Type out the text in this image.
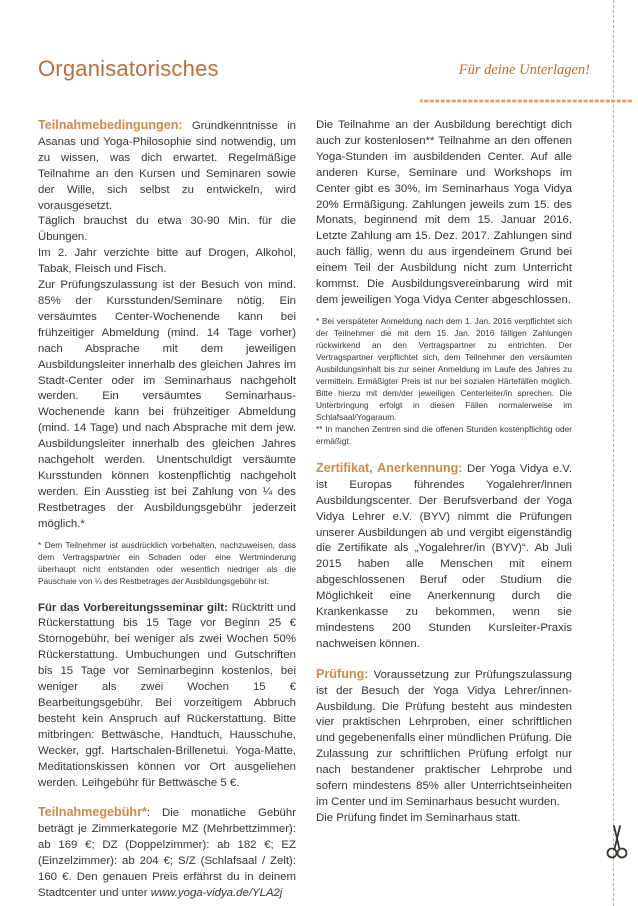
Organisatorisches	Für deine Unterlagen!

Teilnahmebedingungen: Grundkenntnisse in Asanas und Yoga-Philosophie sind notwendig, um zu wissen, was dich erwartet. Regelmäßige Teilnahme an den Kursen und Seminaren sowie der Wille, sich selbst zu entwickeln, wird vorausgesetzt.

Täglich brauchst du etwa 30-90 Min. für die Übungen.

Im 2. Jahr verzichte bitte auf Drogen, Alkohol, Tabak, Fleisch und Fisch.

Zur Prüfungszulassung ist der Besuch von mind. 85% der Kursstunden/Seminare nötig. Ein versäumtes Center-Wochenende kann bei frühzeitiger Abmeldung (mind. 14 Tage vorher) nach Absprache mit dem jeweiligen Ausbildungsleiter innerhalb des gleichen Jahres im Stadt-Center oder im Seminarhaus nachgeholt werden. Ein versäumtes Seminarhaus-Wochenende kann bei frühzeitiger Abmeldung (mind. 14 Tage) und nach Absprache mit dem jew. Ausbildungsleiter innerhalb des gleichen Jahres nachgeholt werden. Unentschuldigt versäumte Kursstunden können kostenpflichtig nachgeholt werden. Ein Ausstieg ist bei Zahlung von ¼ des Restbetrages der Ausbildungsgebühr jederzeit möglich.*

* Dem Teilnehmer ist ausdrücklich vorbehalten, nachzuweisen, dass dem Vertragspartner ein Schaden oder eine Wertminderung überhaupt nicht entstanden oder wesentlich niedriger als die Pauschale von ¼ des Restbetrages der Ausbildungsgebühr ist.

Für das Vorbereitungsseminar gilt: Rücktritt und Rückerstattung bis 15 Tage vor Beginn 25 € Stornogebühr, bei weniger als zwei Wochen 50% Rückerstattung. Umbuchungen und Gutschriften bis 15 Tage vor Seminarbeginn kostenlos, bei weniger als zwei Wochen 15 € Bearbeitungsgebühr. Bei vorzeitigem Abbruch besteht kein Anspruch auf Rückerstattung. Bitte mitbringen: Bettwäsche, Handtuch, Hausschuhe, Wecker, ggf. Hartschalen-Brillenetui. Yoga-Matte, Meditationskissen können vor Ort ausgeliehen werden. Leihgebühr für Bettwäsche 5 €.

Teilnahmegebühr*: Die monatliche Gebühr beträgt je Zimmerkategorie MZ (Mehrbettzimmer): ab 169 €; DZ (Doppelzimmer): ab 182 €; EZ (Einzelzimmer): ab 204 €; S/Z (Schlafsaal / Zelt): 160 €. Den genauen Preis erfährst du in deinem Stadtcenter und unter www.yoga-vidya.de/YLA2j

Die Teilnahme an der Ausbildung berechtigt dich auch zur kostenlosen** Teilnahme an den offenen Yoga-Stunden im ausbildenden Center. Auf alle anderen Kurse, Seminare und Workshops im Center gibt es 30%, im Seminarhaus Yoga Vidya 20% Ermäßigung. Zahlungen jeweils zum 15. des Monats, beginnend mit dem 15. Januar 2016. Letzte Zahlung am 15. Dez. 2017. Zahlungen sind auch fällig, wenn du aus irgendeinem Grund bei einem Teil der Ausbildung nicht zum Unterricht kommst. Die Ausbildungsvereinbarung wird mit dem jeweiligen Yoga Vidya Center abgeschlossen.

* Bei verspäteter Anmeldung nach dem 1. Jan. 2016 verpflichtet sich der Teilnehmer die mit dem 15. Jan. 2016 fälligen Zahlungen rückwirkend an den Vertragspartner zu entrichten. Der Vertragspartner verpflichtet sich, dem Teilnehmer den versäumten Ausbildungsinhalt bis zur seiner Anmeldung im Laufe des Jahres zu vermitteln. Ermäßigter Preis ist nur bei sozialen Härtefällen möglich. Bitte hierzu mit dem/der jeweiligen Centerleiter/in sprechen. Die Unterbringung erfolgt in diesen Fällen normalerweise im Schlafsaal/Yogaraum.

** In manchen Zentren sind die offenen Stunden kostenpflichtig oder ermäßigt.

Zertifikat, Anerkennung: Der Yoga Vidya e.V. ist Europas führendes Yogalehrer/innen Ausbildungscenter. Der Berufsverband der Yoga Vidya Lehrer e.V. (BYV) nimmt die Prüfungen unserer Ausbildungen ab und vergibt eigenständig die Zertifikate als „Yogalehrer/in (BYV)“. Ab Juli 2015 haben alle Menschen mit einem abgeschlossenen Beruf oder Studium die Möglichkeit eine Anerkennung durch die Krankenkasse zu bekommen, wenn sie mindestens 200 Stunden Kursleiter-Praxis nachweisen können.

Prüfung: Voraussetzung zur Prüfungszulassung ist der Besuch der Yoga Vidya Lehrer/innen-Ausbildung. Die Prüfung besteht aus mindesten vier praktischen Lehrproben, einer schriftlichen und gegebenenfalls einer mündlichen Prüfung. Die Zulassung zur schriftlichen Prüfung erfolgt nur nach bestandener praktischer Lehrprobe und sofern mindestens 85% aller Unterrichtseinheiten im Center und im Seminarhaus besucht wurden.

Die Prüfung findet im Seminarhaus statt.
